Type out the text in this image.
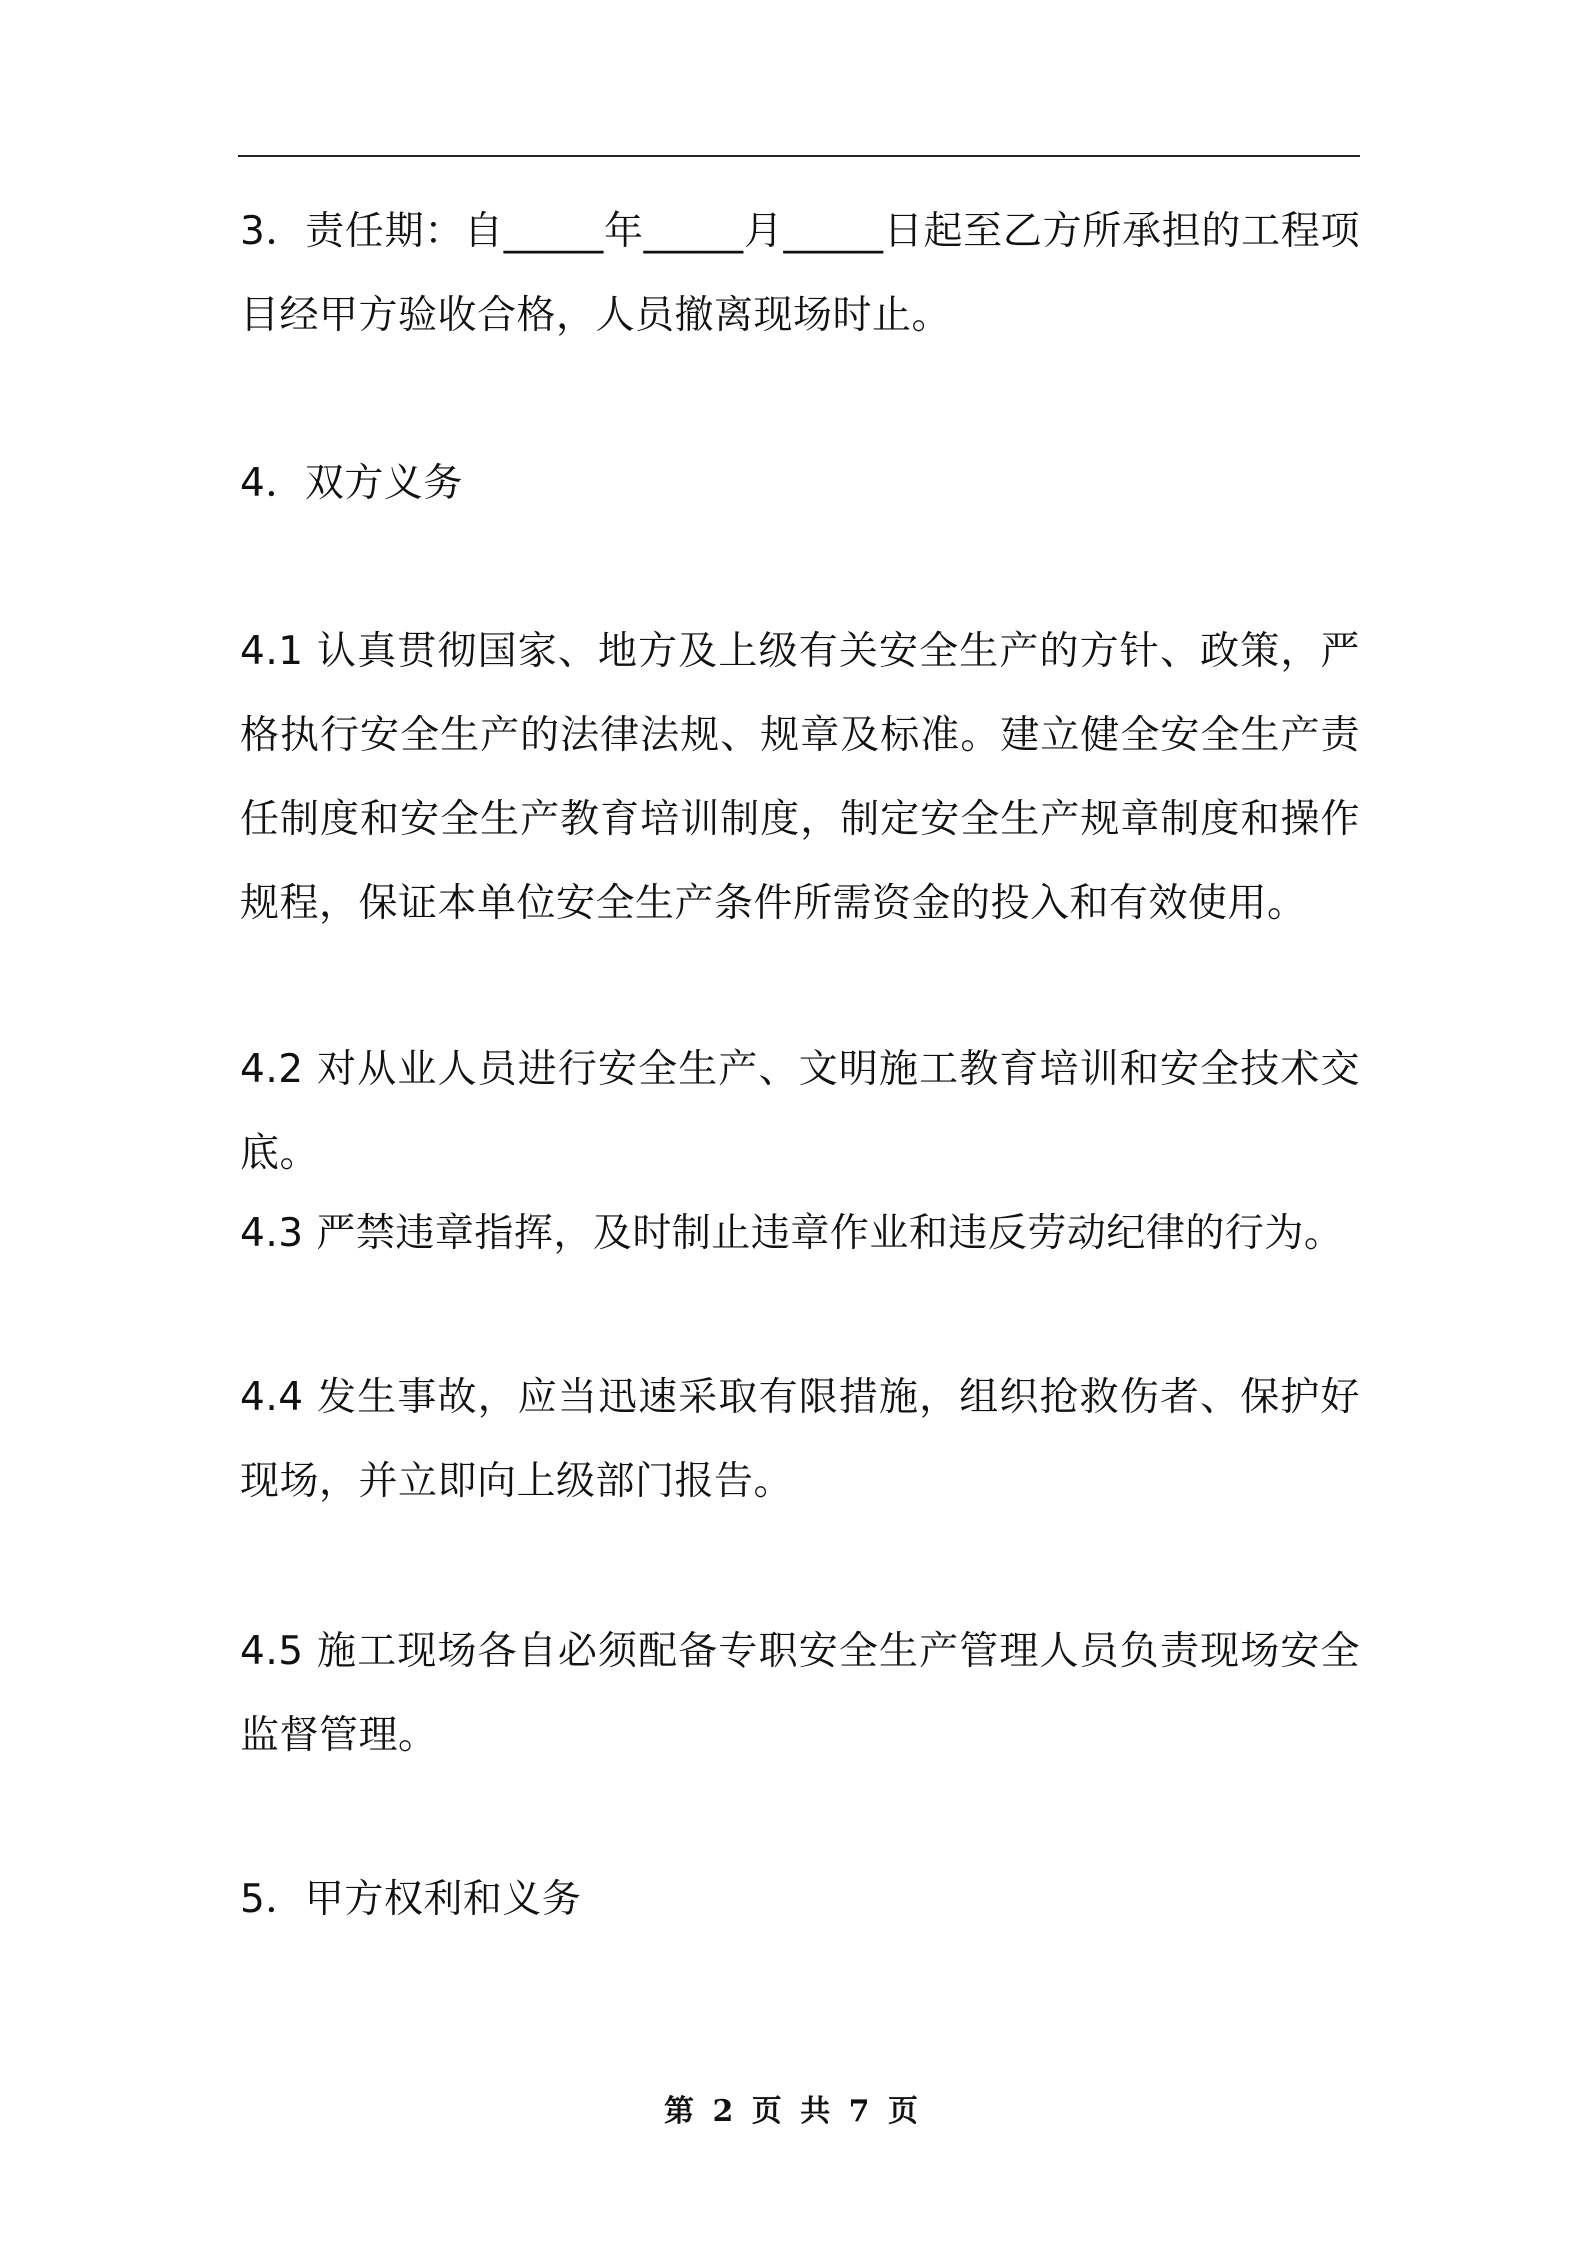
3．责任期：自_____年_____月_____日起至乙方所承担的工程项目经甲方验收合格，人员撤离现场时止。

4．双方义务

4.1 认真贯彻国家、地方及上级有关安全生产的方针、政策，严格执行安全生产的法律法规、规章及标准。建立健全安全生产责任制度和安全生产教育培训制度，制定安全生产规章制度和操作规程，保证本单位安全生产条件所需资金的投入和有效使用。

4.2 对从业人员进行安全生产、文明施工教育培训和安全技术交底。

4.3 严禁违章指挥，及时制止违章作业和违反劳动纪律的行为。

4.4 发生事故，应当迅速采取有限措施，组织抢救伤者、保护好现场，并立即向上级部门报告。

4.5 施工现场各自必须配备专职安全生产管理人员负责现场安全监督管理。

5．甲方权利和义务

第 2 页 共 7 页
